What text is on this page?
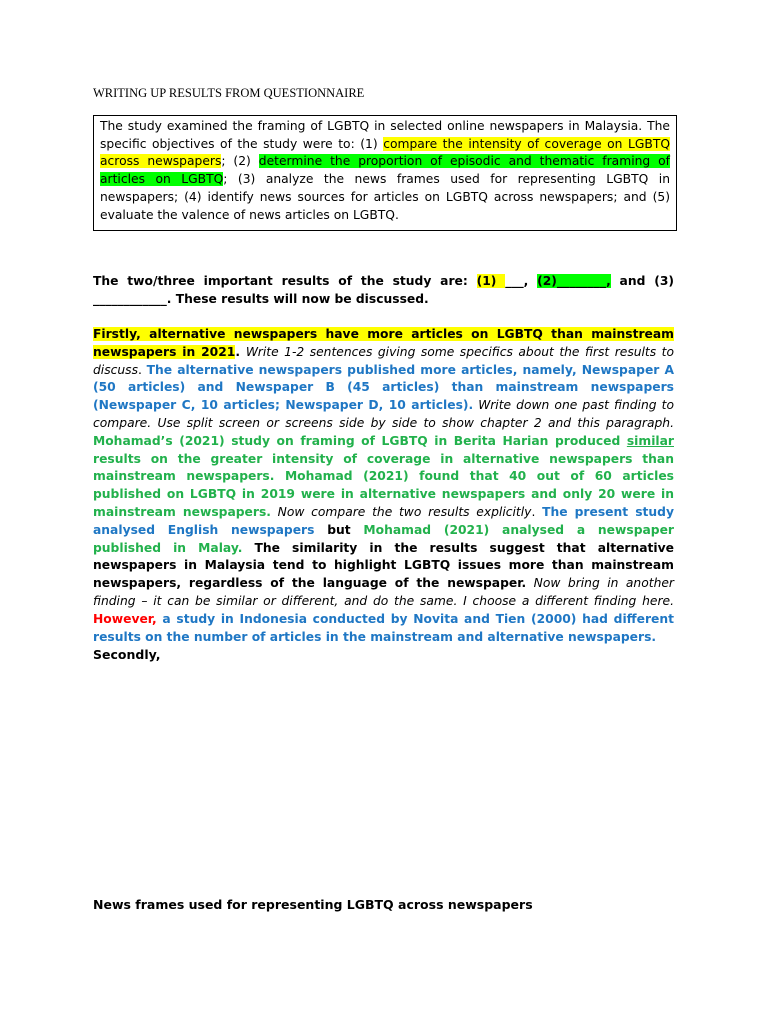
WRITING UP RESULTS FROM QUESTIONNAIRE
The study examined the framing of LGBTQ in selected online newspapers in Malaysia. The specific objectives of the study were to: (1) compare the intensity of coverage on LGBTQ across newspapers; (2) determine the proportion of episodic and thematic framing of articles on LGBTQ; (3) analyze the news frames used for representing LGBTQ in newspapers; (4) identify news sources for articles on LGBTQ across newspapers; and (5) evaluate the valence of news articles on LGBTQ.
The two/three important results of the study are: (1) ___, (2)________, and (3) ____________. These results will now be discussed.
Firstly, alternative newspapers have more articles on LGBTQ than mainstream newspapers in 2021. Write 1-2 sentences giving some specifics about the first results to discuss. The alternative newspapers published more articles, namely, Newspaper A (50 articles) and Newspaper B (45 articles) than mainstream newspapers (Newspaper C, 10 articles; Newspaper D, 10 articles). Write down one past finding to compare. Use split screen or screens side by side to show chapter 2 and this paragraph. Mohamad’s (2021) study on framing of LGBTQ in Berita Harian produced similar results on the greater intensity of coverage in alternative newspapers than mainstream newspapers. Mohamad (2021) found that 40 out of 60 articles published on LGBTQ in 2019 were in alternative newspapers and only 20 were in mainstream newspapers. Now compare the two results explicitly. The present study analysed English newspapers but Mohamad (2021) analysed a newspaper published in Malay. The similarity in the results suggest that alternative newspapers in Malaysia tend to highlight LGBTQ issues more than mainstream newspapers, regardless of the language of the newspaper. Now bring in another finding – it can be similar or different, and do the same. I choose a different finding here. However, a study in Indonesia conducted by Novita and Tien (2000) had different results on the number of articles in the mainstream and alternative newspapers.
Secondly,
News frames used for representing LGBTQ across newspapers
